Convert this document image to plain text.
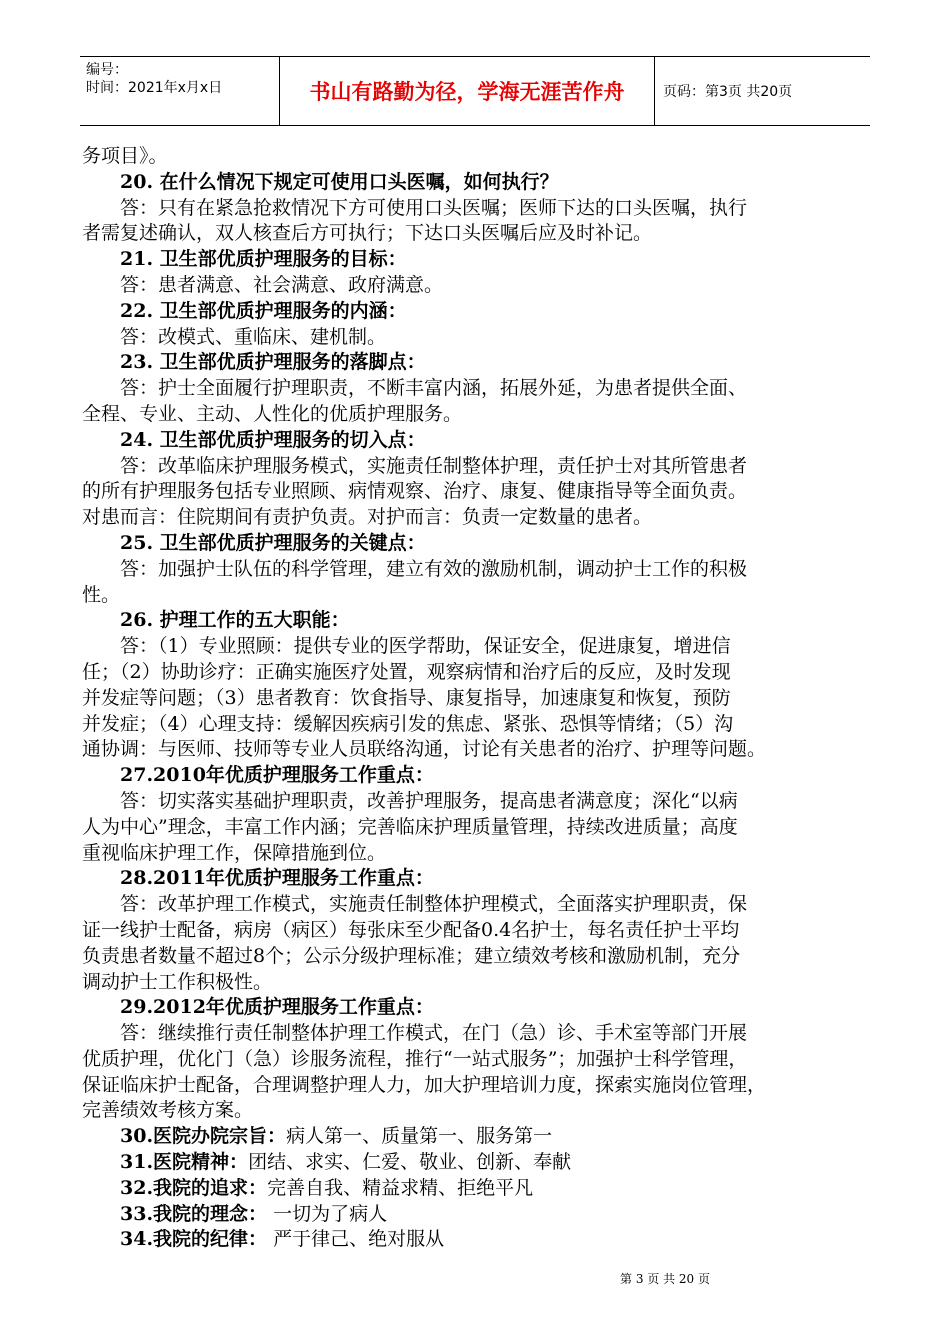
编号：
时间：2021年x月x日	书山有路勤为径，学海无涯苦作舟	页码：第3页 共20页
务项目》。
20. 在什么情况下规定可使用口头医嘱，如何执行？
答：只有在紧急抢救情况下方可使用口头医嘱；医师下达的口头医嘱，执行
者需复述确认，双人核查后方可执行；下达口头医嘱后应及时补记。
21. 卫生部优质护理服务的目标：
答：患者满意、社会满意、政府满意。
22. 卫生部优质护理服务的内涵：
答：改模式、重临床、建机制。
23. 卫生部优质护理服务的落脚点：
答：护士全面履行护理职责，不断丰富内涵，拓展外延，为患者提供全面、
全程、专业、主动、人性化的优质护理服务。
24. 卫生部优质护理服务的切入点：
答：改革临床护理服务模式，实施责任制整体护理，责任护士对其所管患者
的所有护理服务包括专业照顾、病情观察、治疗、康复、健康指导等全面负责。
对患而言：住院期间有责护负责。对护而言：负责一定数量的患者。
25. 卫生部优质护理服务的关键点：
答：加强护士队伍的科学管理，建立有效的激励机制，调动护士工作的积极
性。
26. 护理工作的五大职能：
答：（1）专业照顾：提供专业的医学帮助，保证安全，促进康复，增进信
任；（2）协助诊疗：正确实施医疗处置，观察病情和治疗后的反应，及时发现
并发症等问题；（3）患者教育：饮食指导、康复指导，加速康复和恢复，预防
并发症；（4）心理支持：缓解因疾病引发的焦虑、紧张、恐惧等情绪；（5）沟
通协调：与医师、技师等专业人员联络沟通，讨论有关患者的治疗、护理等问题。
27.2010年优质护理服务工作重点：
答：切实落实基础护理职责，改善护理服务，提高患者满意度；深化“以病
人为中心”理念，丰富工作内涵；完善临床护理质量管理，持续改进质量；高度
重视临床护理工作，保障措施到位。
28.2011年优质护理服务工作重点：
答：改革护理工作模式，实施责任制整体护理模式，全面落实护理职责，保
证一线护士配备，病房（病区）每张床至少配备0.4名护士，每名责任护士平均
负责患者数量不超过8个；公示分级护理标准；建立绩效考核和激励机制，充分
调动护士工作积极性。
29.2012年优质护理服务工作重点：
答：继续推行责任制整体护理工作模式，在门（急）诊、手术室等部门开展
优质护理，优化门（急）诊服务流程，推行“一站式服务”；加强护士科学管理，
保证临床护士配备，合理调整护理人力，加大护理培训力度，探索实施岗位管理，
完善绩效考核方案。
30.医院办院宗旨：病人第一、质量第一、服务第一
31.医院精神：团结、求实、仁爱、敬业、创新、奉献
32.我院的追求：完善自我、精益求精、拒绝平凡
33.我院的理念： 一切为了病人
34.我院的纪律： 严于律己、绝对服从
第 3 页 共 20 页
